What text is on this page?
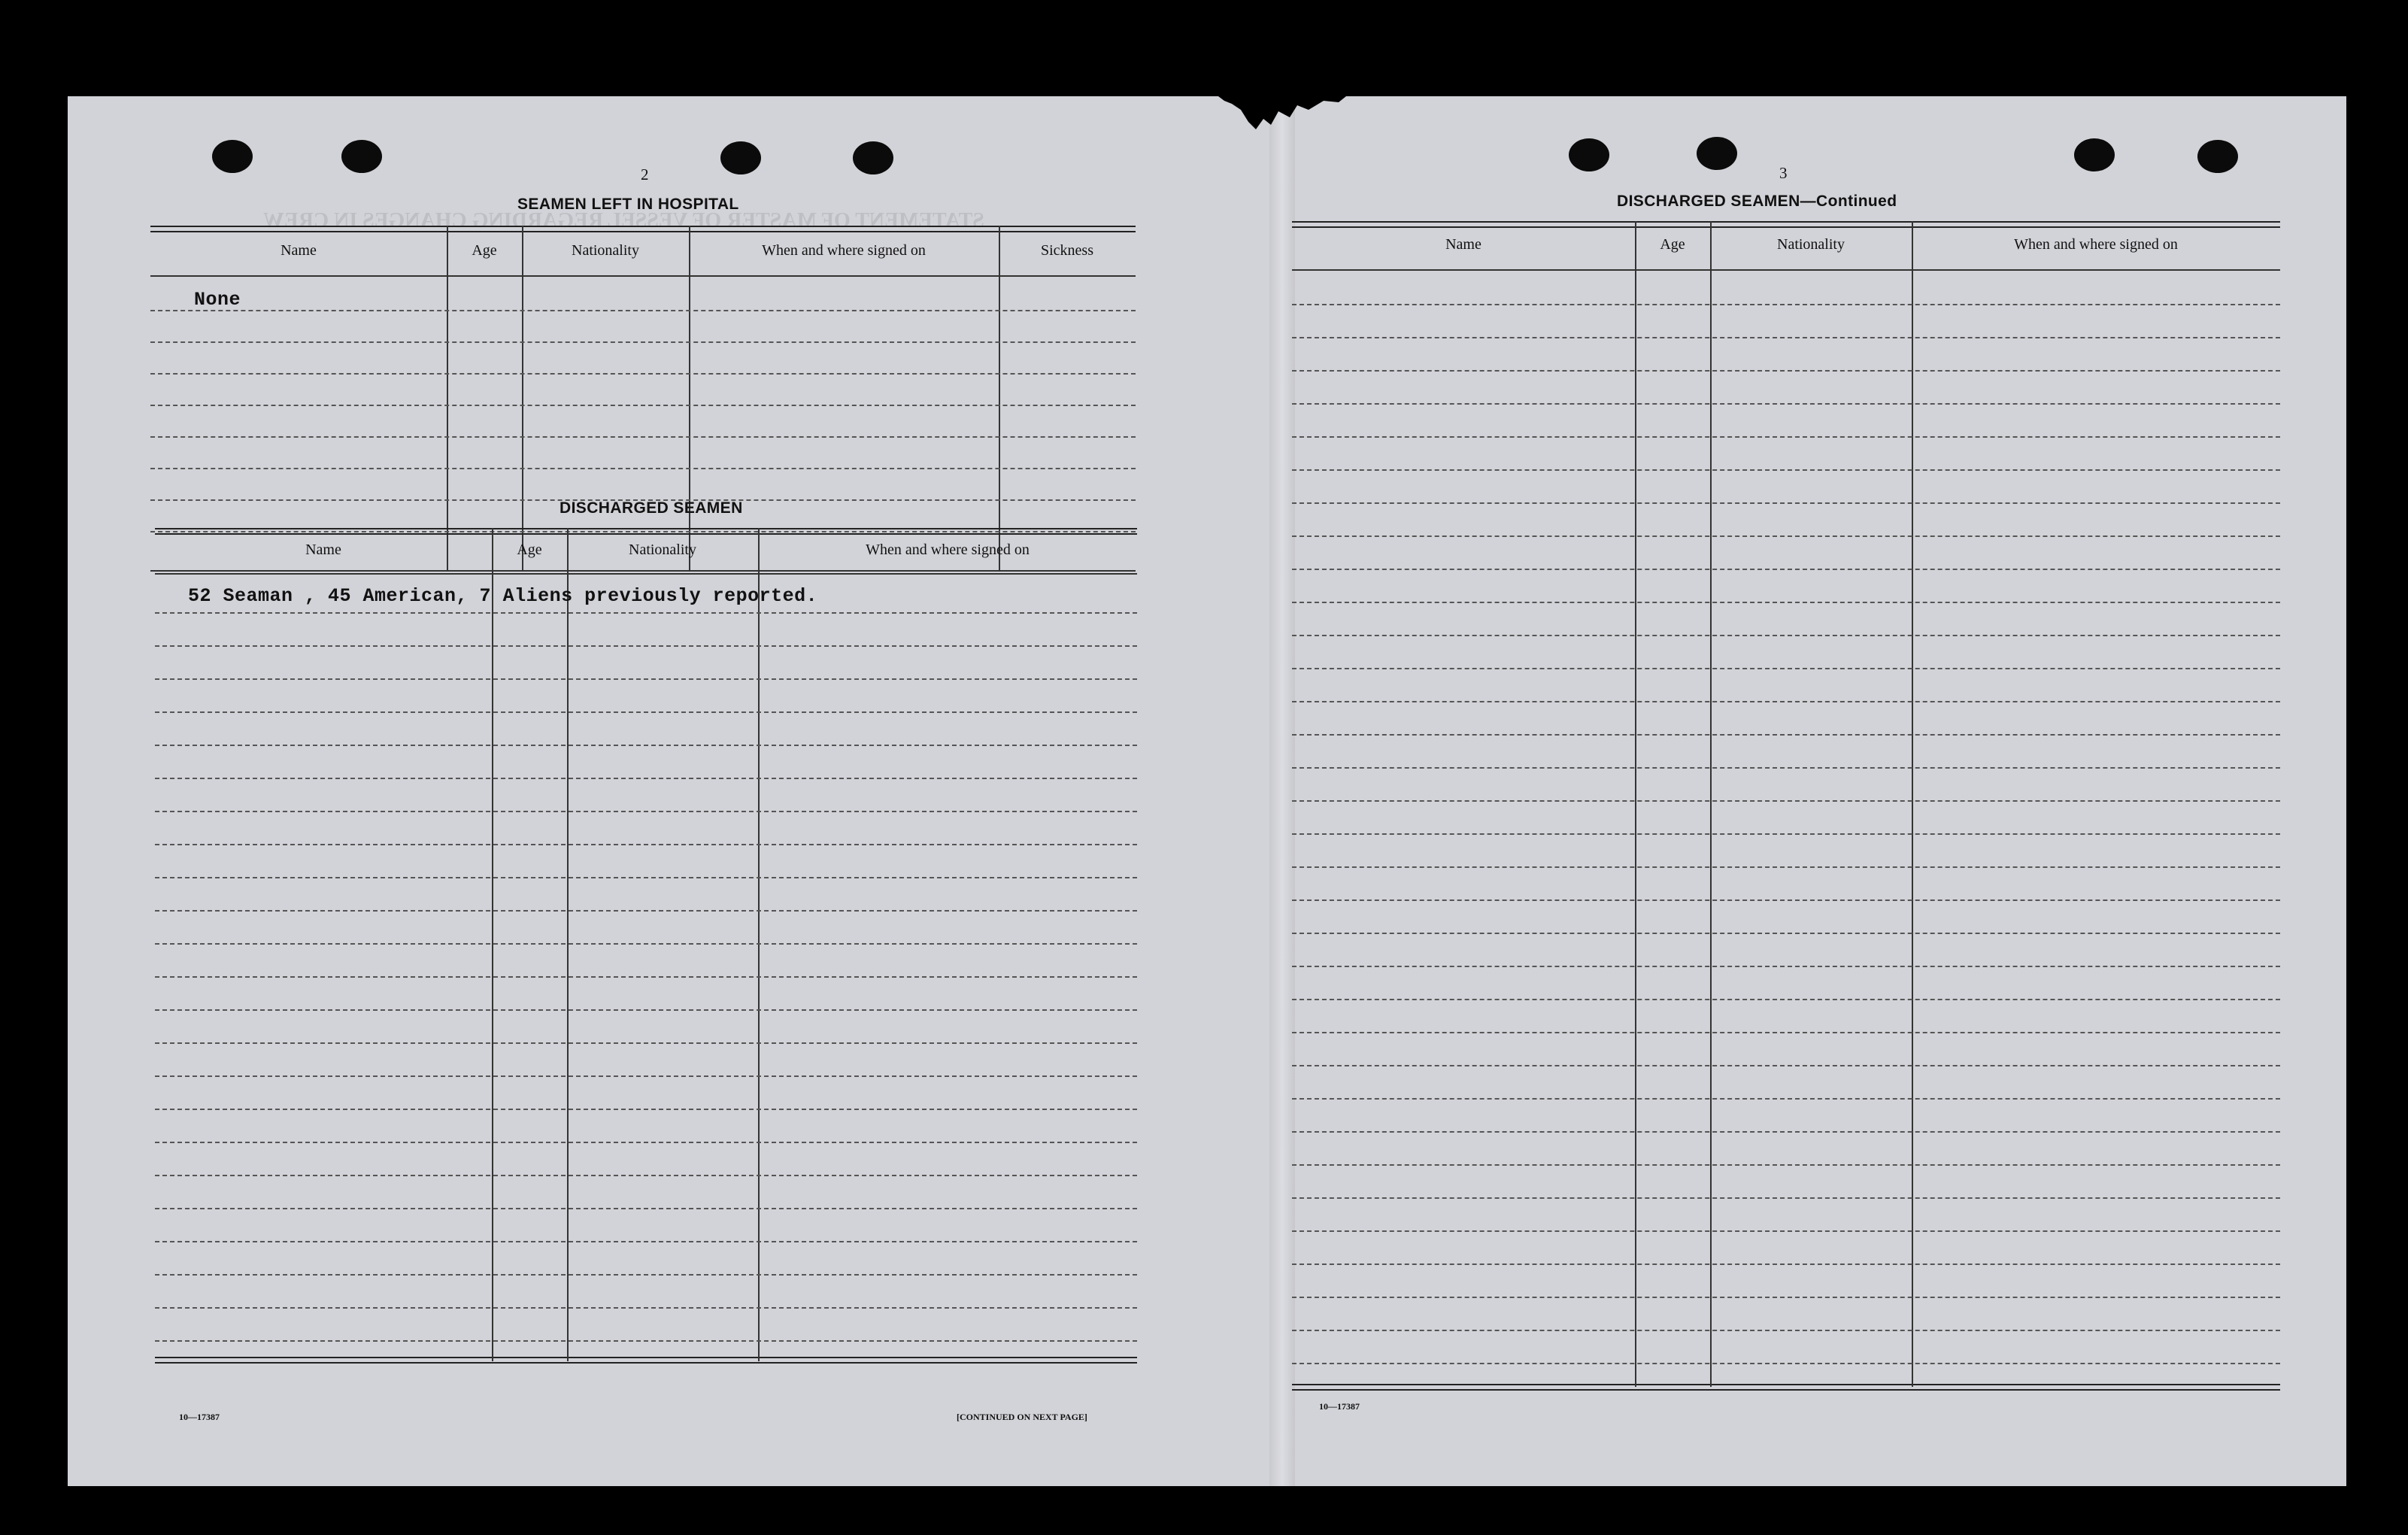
STATEMENT OF MASTER OF VESSEL REGARDING CHANGES IN CREW
2
SEAMEN LEFT IN HOSPITAL
Name	Age	Nationality	When and where signed on	Sickness
None
DISCHARGED SEAMEN
Name	Age	Nationality	When and where signed on
52 Seaman , 45 American, 7 Aliens previously reported.
10—17387	[CONTINUED ON NEXT PAGE]
3
DISCHARGED SEAMEN—Continued
Name	Age	Nationality	When and where signed on
10—17387
